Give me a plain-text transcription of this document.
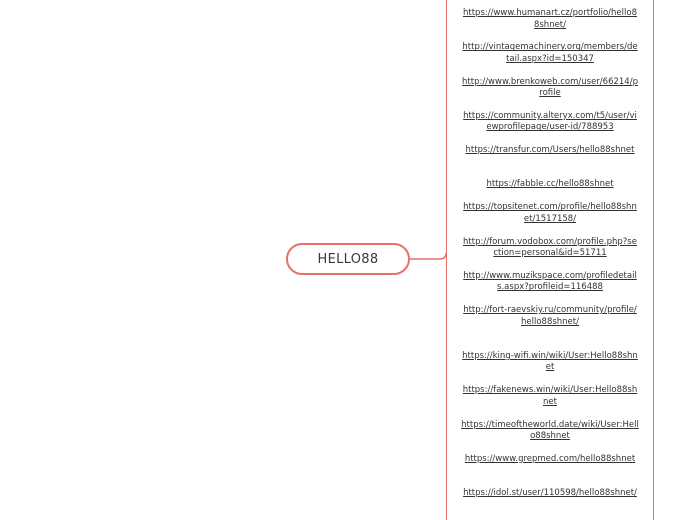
HELLO88
https://www.humanart.cz/portfolio/hello88shnet/
http://vintagemachinery.org/members/detail.aspx?id=150347
http://www.brenkoweb.com/user/66214/profile
https://community.alteryx.com/t5/user/viewprofilepage/user-id/788953
https://transfur.com/Users/hello88shnet
https://fabble.cc/hello88shnet
https://topsitenet.com/profile/hello88shnet/1517158/
http://forum.vodobox.com/profile.php?section=personal&id=51711
http://www.muzikspace.com/profiledetails.aspx?profileid=116488
http://fort-raevskiy.ru/community/profile/hello88shnet/
https://king-wifi.win/wiki/User:Hello88shnet
https://fakenews.win/wiki/User:Hello88shnet
https://timeoftheworld.date/wiki/User:Hello88shnet
https://www.grepmed.com/hello88shnet
https://idol.st/user/110598/hello88shnet/
